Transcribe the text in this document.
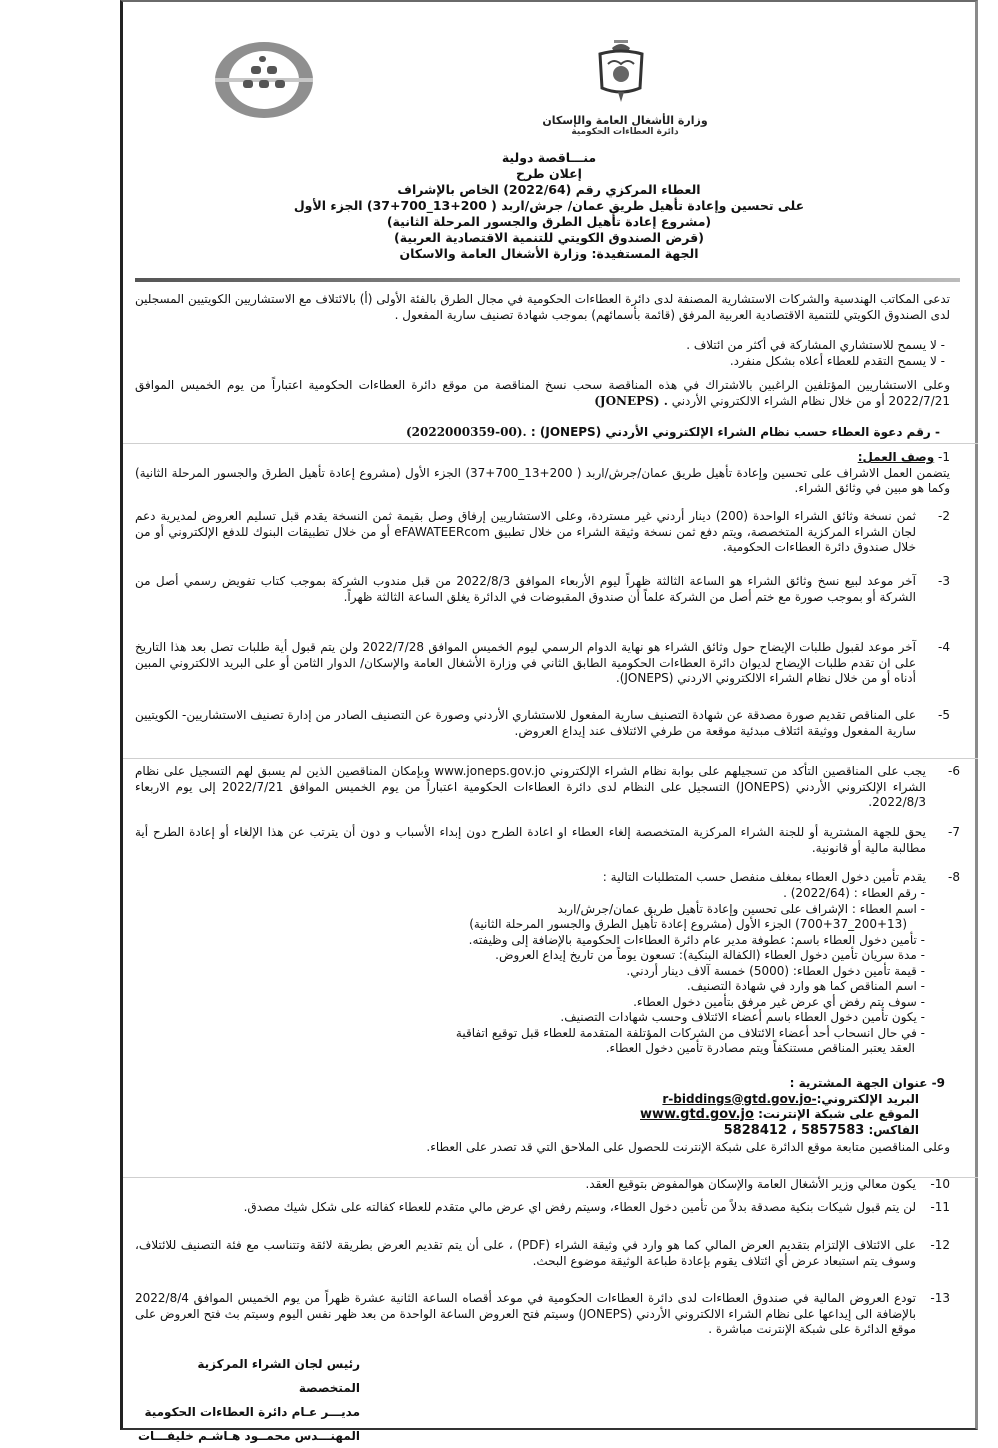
وزارة الأشغال العامة والإسكان
دائرة العطاءات الحكومية
منـــاقصة دولية
إعلان طرح
العطاء المركزي رقم (2022/64) الخاص بالإشراف
على تحسين وإعادة تأهيل طريق عمان/ جرش/اربد ( 200+13_700+37) الجزء الأول
(مشروع إعادة تأهيل الطرق والجسور المرحلة الثانية)
(قرض الصندوق الكويتي للتنمية الاقتصادية العربية)
الجهة المستفيدة: وزارة الأشغال العامة والاسكان
تدعى المكاتب الهندسية والشركات الاستشارية المصنفة لدى دائرة العطاءات الحكومية في مجال الطرق بالفئة الأولى (أ) بالائتلاف مع الاستشاريين الكويتيين المسجلين لدى الصندوق الكويتي للتنمية الاقتصادية العربية المرفق (قائمة بأسمائهم) بموجب شهادة تصنيف سارية المفعول .
- لا يسمح للاستشاري المشاركة في أكثر من ائتلاف .
- لا يسمح التقدم للعطاء أعلاه بشكل منفرد.
وعلى الاستشاريين المؤتلفين الراغبين بالاشتراك في هذه المناقصة سحب نسخ المناقصة من موقع دائرة العطاءات الحكومية اعتباراً من يوم الخميس الموافق 2022/7/21 أو من خلال نظام الشراء الالكتروني الأردني (JONEPS) .
- رقم دعوة العطاء حسب نظام الشراء الإلكتروني الأردني (JONEPS) : (2022000359-00).
1- وصف العمل:
يتضمن العمل الاشراف على تحسين وإعادة تأهيل طريق عمان/جرش/اربد ( 200+13_700+37) الجزء الأول (مشروع إعادة تأهيل الطرق والجسور المرحلة الثانية) وكما هو مبين في وثائق الشراء.
2-
ثمن نسخة وثائق الشراء الواحدة (200) دينار أردني غير مستردة، وعلى الاستشاريين إرفاق وصل بقيمة ثمن النسخة يقدم قبل تسليم العروض لمديرية دعم لجان الشراء المركزية المتخصصة، ويتم دفع ثمن نسخة وثيقة الشراء من خلال تطبيق eFAWATEERcom أو من خلال تطبيقات البنوك للدفع الإلكتروني أو من خلال صندوق دائرة العطاءات الحكومية.
3-
آخر موعد لبيع نسخ وثائق الشراء هو الساعة الثالثة ظهراً ليوم الأربعاء الموافق 2022/8/3 من قبل مندوب الشركة بموجب كتاب تفويض رسمي أصل من الشركة أو بموجب صورة مع ختم أصل من الشركة علماً أن صندوق المقبوضات في الدائرة يغلق الساعة الثالثة ظهراً.
4-
آخر موعد لقبول طلبات الإيضاح حول وثائق الشراء هو نهاية الدوام الرسمي ليوم الخميس الموافق 2022/7/28 ولن يتم قبول أية طلبات تصل بعد هذا التاريخ على ان تقدم طلبات الإيضاح لديوان دائرة العطاءات الحكومية الطابق الثاني في وزارة الأشغال العامة والإسكان/ الدوار الثامن أو على البريد الالكتروني المبين أدناه أو من خلال نظام الشراء الالكتروني الاردني (JONEPS).
5-
على المناقص تقديم صورة مصدقة عن شهادة التصنيف سارية المفعول للاستشاري الأردني وصورة عن التصنيف الصادر من إدارة تصنيف الاستشاريين- الكويتيين سارية المفعول ووثيقة ائتلاف مبدئية موقعة من طرفي الائتلاف عند إيداع العروض.
6-
يجب على المناقصين التأكد من تسجيلهم على بوابة نظام الشراء الإلكتروني www.joneps.gov.jo وبإمكان المناقصين الذين لم يسبق لهم التسجيل على نظام الشراء الإلكتروني الأردني (JONEPS) التسجيل على النظام لدى دائرة العطاءات الحكومية اعتباراً من يوم الخميس الموافق 2022/7/21 إلى يوم الاربعاء 2022/8/3.
7-
يحق للجهة المشترية أو للجنة الشراء المركزية المتخصصة إلغاء العطاء او اعادة الطرح دون إبداء الأسباب و دون أن يترتب عن هذا الإلغاء أو إعادة الطرح أية مطالبة مالية أو قانونية.
8-
يقدم تأمين دخول العطاء بمغلف منفصل حسب المتطلبات التالية :
- رقم العطاء : (2022/64) .
- اسم العطاء : الإشراف على تحسين وإعادة تأهيل طريق عمان/جرش/اربد
(200+13_700+37) الجزء الأول (مشروع إعادة تأهيل الطرق والجسور المرحلة الثانية)
- تأمين دخول العطاء باسم: عطوفة مدير عام دائرة العطاءات الحكومية بالإضافة إلى وظيفته.
- مدة سريان تأمين دخول العطاء (الكفالة البنكية): تسعون يوماً من تاريخ إيداع العروض.
- قيمة تأمين دخول العطاء: (5000) خمسة آلاف دينار أردني.
- اسم المناقص كما هو وارد في شهادة التصنيف.
- سوف يتم رفض أي عرض غير مرفق بتأمين دخول العطاء.
- يكون تأمين دخول العطاء باسم أعضاء الائتلاف وحسب شهادات التصنيف.
- في حال انسحاب أحد أعضاء الائتلاف من الشركات المؤتلفة المتقدمة للعطاء قبل توقيع اتفاقية
العقد يعتبر المناقص مستنكفاً ويتم مصادرة تأمين دخول العطاء.
9- عنوان الجهة المشترية :
البريد الإلكتروني:r-biddings@gtd.gov.jo-
الموقع على شبكة الإنترنت: www.gtd.gov.jo
الفاكس: 5857583 ، 5828412
وعلى المناقصين متابعة موقع الدائرة على شبكة الإنترنت للحصول على الملاحق التي قد تصدر على العطاء.
10-
يكون معالي وزير الأشغال العامة والإسكان هوالمفوض بتوقيع العقد.
11-
لن يتم قبول شيكات بنكية مصدقة بدلاً من تأمين دخول العطاء، وسيتم رفض اي عرض مالي متقدم للعطاء كفالته على شكل شيك مصدق.
12-
على الائتلاف الإلتزام بتقديم العرض المالي كما هو وارد في وثيقة الشراء (PDF) ، على أن يتم تقديم العرض بطريقة لائقة وتتناسب مع فئة التصنيف للائتلاف، وسوف يتم استبعاد عرض أي ائتلاف يقوم بإعادة طباعة الوثيقة موضوع البحث.
13-
تودع العروض المالية في صندوق العطاءات لدى دائرة العطاءات الحكومية في موعد أقصاه الساعة الثانية عشرة ظهراً من يوم الخميس الموافق 2022/8/4 بالإضافة الى إيداعها على نظام الشراء الالكتروني الأردني (JONEPS) وسيتم فتح العروض الساعة الواحدة من بعد ظهر نفس اليوم وسيتم بث فتح العروض على موقع الدائرة على شبكة الإنترنت مباشرة .
رئيس لجان الشراء المركزية المتخصصة
مديـــر عـام دائرة العطاءات الحكومية
المهنـــدس محمــود هـاشـم خليفـــات
